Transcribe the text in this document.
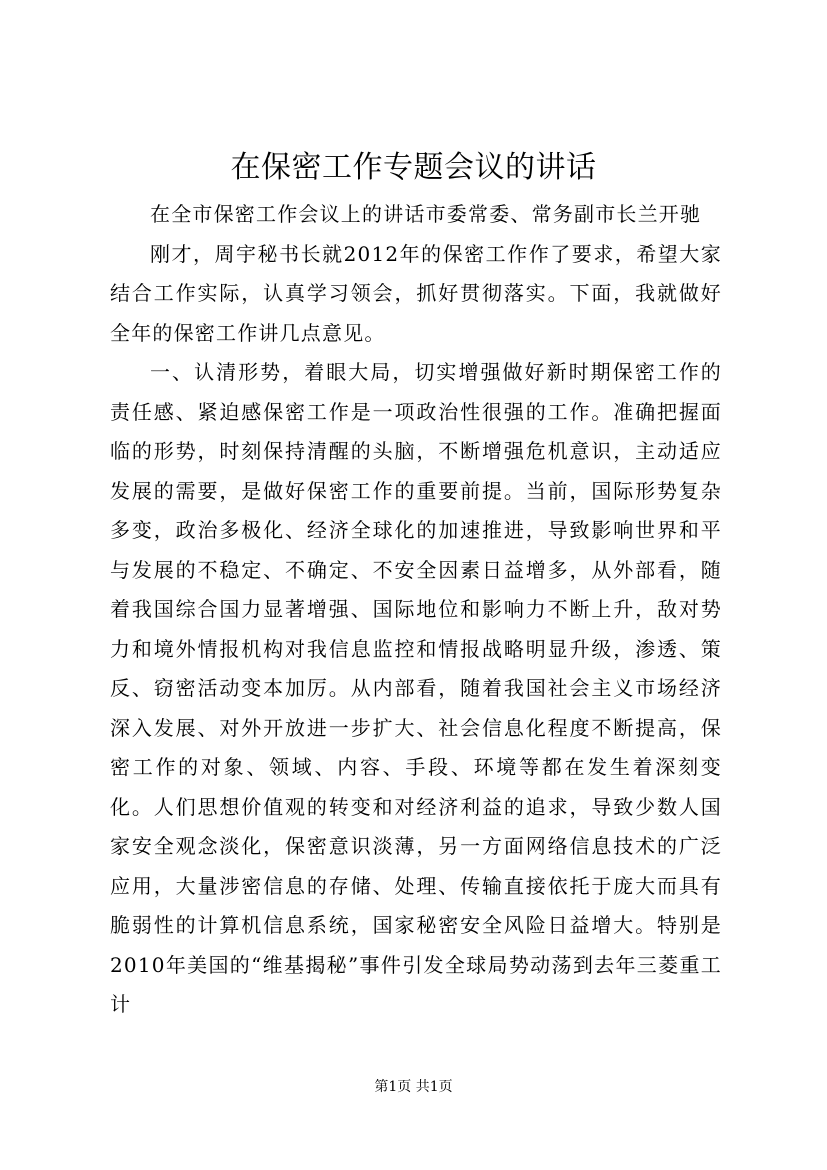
在保密工作专题会议的讲话

在全市保密工作会议上的讲话市委常委、常务副市长兰开驰

刚才，周宇秘书长就2012年的保密工作作了要求，希望大家结合工作实际，认真学习领会，抓好贯彻落实。下面，我就做好全年的保密工作讲几点意见。

一、认清形势，着眼大局，切实增强做好新时期保密工作的责任感、紧迫感保密工作是一项政治性很强的工作。准确把握面临的形势，时刻保持清醒的头脑，不断增强危机意识，主动适应发展的需要，是做好保密工作的重要前提。当前，国际形势复杂多变，政治多极化、经济全球化的加速推进，导致影响世界和平与发展的不稳定、不确定、不安全因素日益增多，从外部看，随着我国综合国力显著增强、国际地位和影响力不断上升，敌对势力和境外情报机构对我信息监控和情报战略明显升级，渗透、策反、窃密活动变本加厉。从内部看，随着我国社会主义市场经济深入发展、对外开放进一步扩大、社会信息化程度不断提高，保密工作的对象、领域、内容、手段、环境等都在发生着深刻变化。人们思想价值观的转变和对经济利益的追求，导致少数人国家安全观念淡化，保密意识淡薄，另一方面网络信息技术的广泛应用，大量涉密信息的存储、处理、传输直接依托于庞大而具有脆弱性的计算机信息系统，国家秘密安全风险日益增大。特别是2010年美国的“维基揭秘”事件引发全球局势动荡到去年三菱重工计

第1页 共1页
